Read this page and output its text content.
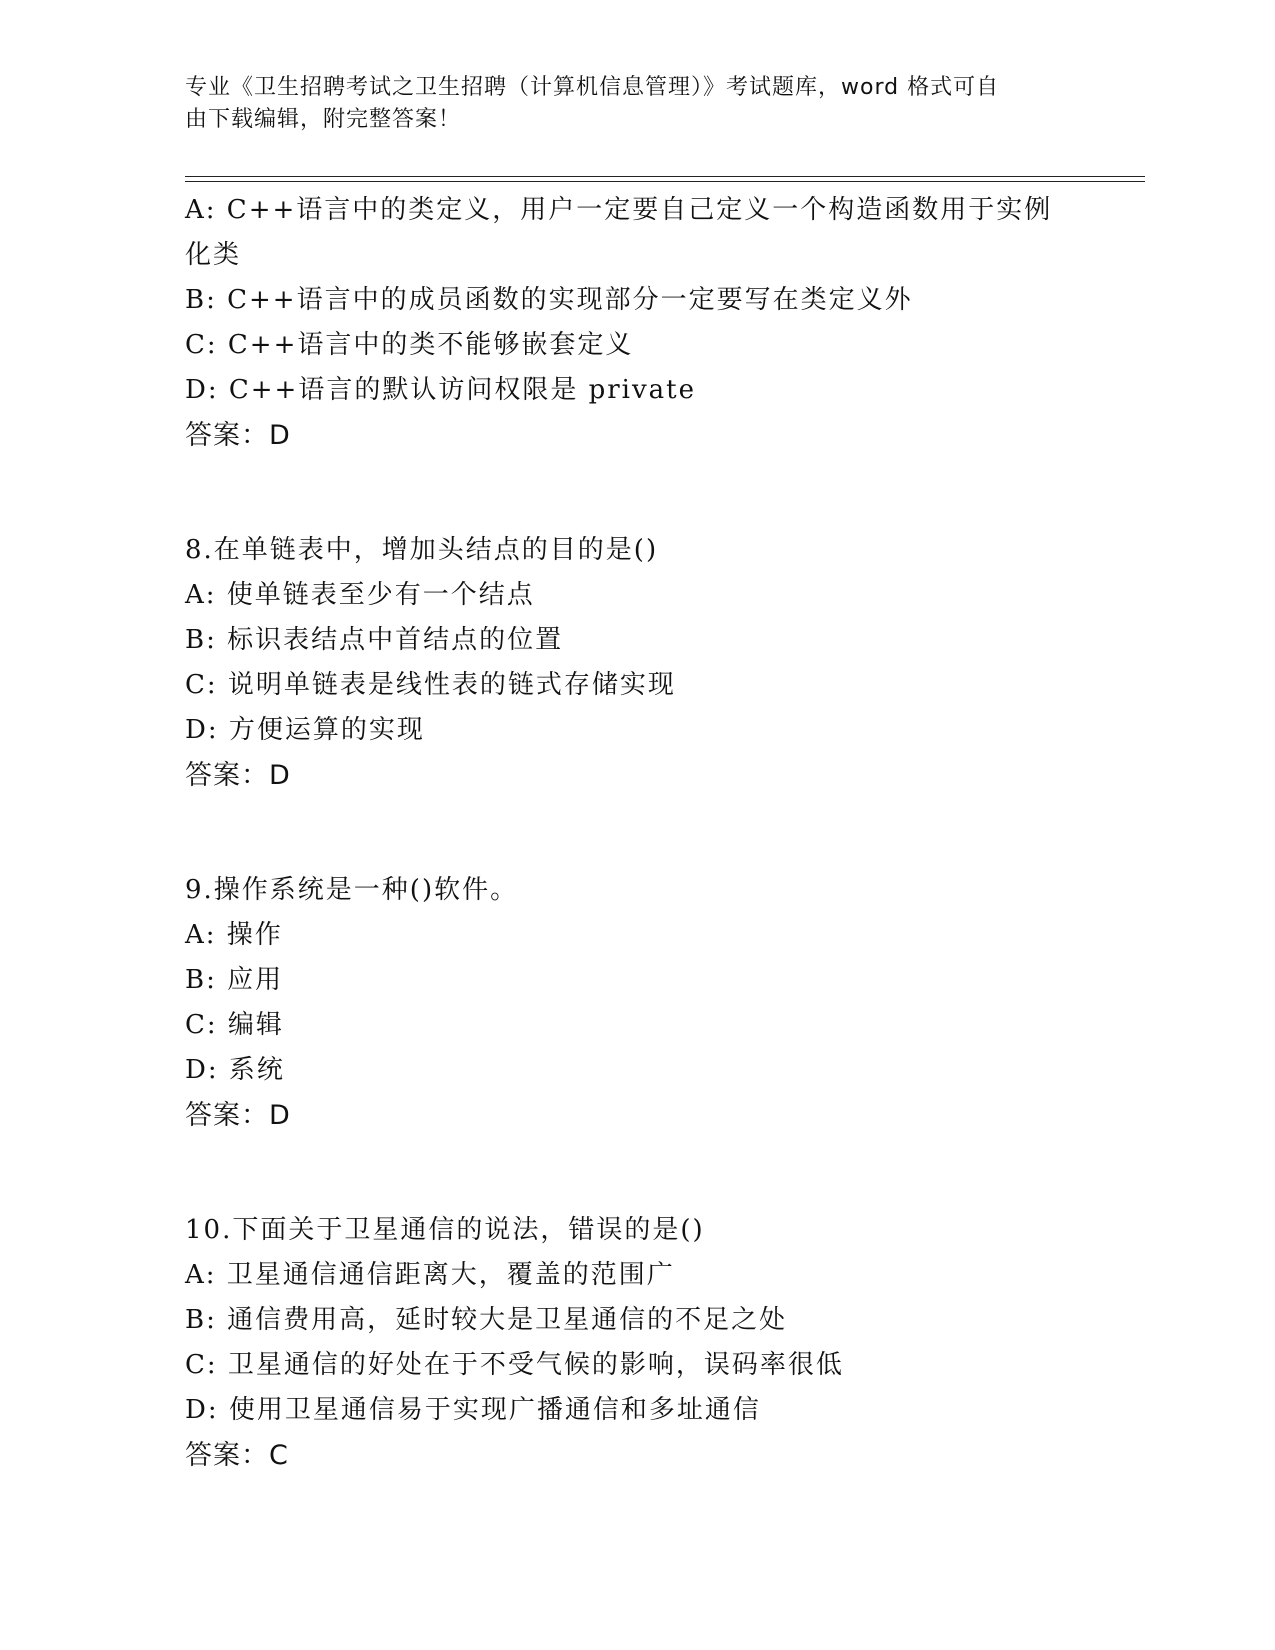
专业《卫生招聘考试之卫生招聘（计算机信息管理）》考试题库，word 格式可自
由下载编辑，附完整答案！
A: C++语言中的类定义，用户一定要自己定义一个构造函数用于实例
化类
B: C++语言中的成员函数的实现部分一定要写在类定义外
C: C++语言中的类不能够嵌套定义
D: C++语言的默认访问权限是 private
答案：D
8.在单链表中，增加头结点的目的是()
A: 使单链表至少有一个结点
B: 标识表结点中首结点的位置
C: 说明单链表是线性表的链式存储实现
D: 方便运算的实现
答案：D
9.操作系统是一种()软件。
A: 操作
B: 应用
C: 编辑
D: 系统
答案：D
10.下面关于卫星通信的说法，错误的是()
A: 卫星通信通信距离大，覆盖的范围广
B: 通信费用高，延时较大是卫星通信的不足之处
C: 卫星通信的好处在于不受气候的影响，误码率很低
D: 使用卫星通信易于实现广播通信和多址通信
答案：C
